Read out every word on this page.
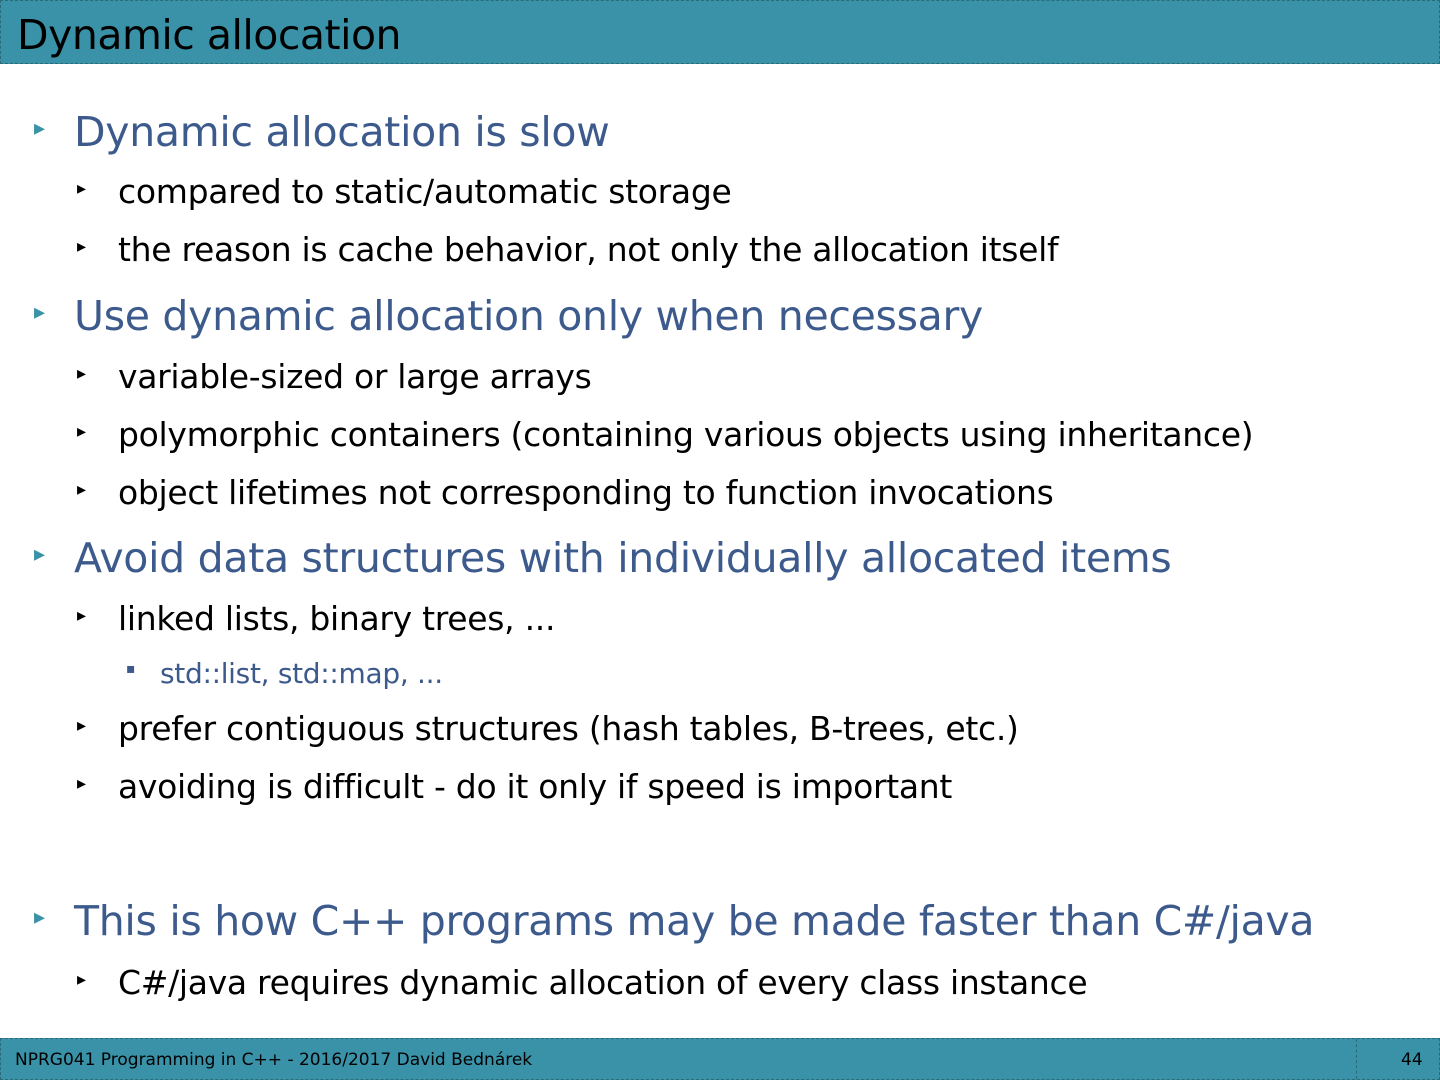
Dynamic allocation
▸ Dynamic allocation is slow
▸ compared to static/automatic storage
▸ the reason is cache behavior, not only the allocation itself
▸ Use dynamic allocation only when necessary
▸ variable-sized or large arrays
▸ polymorphic containers (containing various objects using inheritance)
▸ object lifetimes not corresponding to function invocations
▸ Avoid data structures with individually allocated items
▸ linked lists, binary trees, ...
▪ std::list, std::map, ...
▸ prefer contiguous structures (hash tables, B-trees, etc.)
▸ avoiding is difficult - do it only if speed is important
▸ This is how C++ programs may be made faster than C#/java
▸ C#/java requires dynamic allocation of every class instance
NPRG041 Programming in C++ - 2016/2017 David Bednárek	44
